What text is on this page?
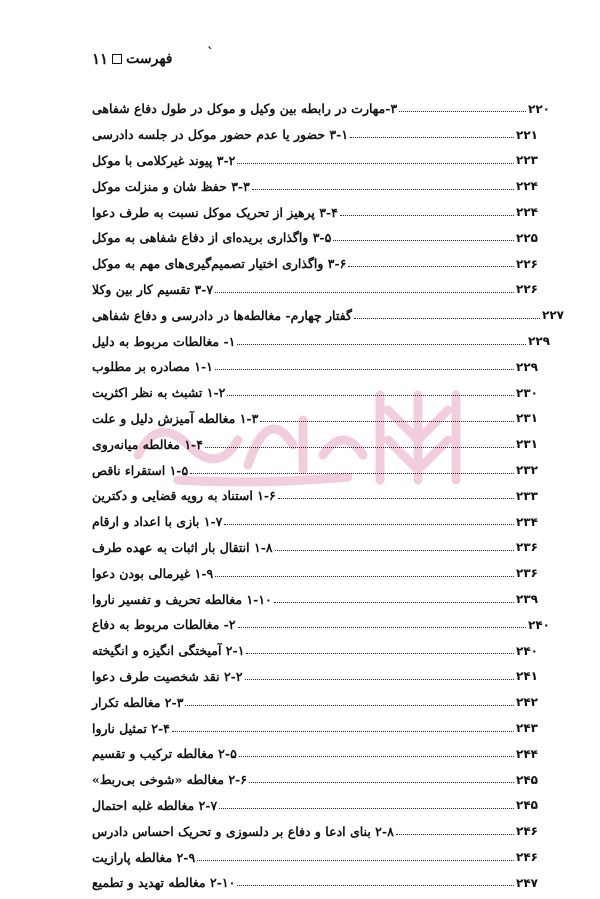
۱۱ فهرست	ˋ
۳-مهارت در رابطه بین وکیل و موکل در طول دفاع شفاهی	۲۲۰
۳-۱ حضور یا عدم حضور موکل در جلسه دادرسی	۲۲۱
۳-۲ پیوند غیرکلامی با موکل	۲۲۳
۳-۳ حفظ شان و منزلت موکل	۲۲۴
۳-۴ پرهیز از تحریک موکل نسبت به طرف دعوا	۲۲۴
۳-۵ واگذاری بریده‌ای از دفاع شفاهی به موکل	۲۲۵
۳-۶ واگذاری اختیار تصمیم‌گیری‌های مهم به موکل	۲۲۶
۳-۷ تقسیم کار بین وکلا	۲۲۶
گفتار چهارم- مغالطه‌ها در دادرسی و دفاع شفاهی	۲۲۷
۱- مغالطات مربوط به دلیل	۲۲۹
۱-۱ مصادره بر مطلوب	۲۲۹
۱-۲ تشبث به نظر اکثریت	۲۳۰
۱-۳ مغالطه آمیزش دلیل و علت	۲۳۱
۱-۴ مغالطه میانه‌روی	۲۳۱
۱-۵ استقراء ناقص	۲۳۲
۱-۶ استناد به رویه قضایی و دکترین	۲۳۳
۱-۷ بازی با اعداد و ارقام	۲۳۴
۱-۸ انتقال بار اثبات به عهده طرف	۲۳۶
۱-۹ غیرمالی بودن دعوا	۲۳۶
۱-۱۰ مغالطه تحریف و تفسیر ناروا	۲۳۹
۲- مغالطات مربوط به دفاع	۲۴۰
۲-۱ آمیختگی انگیزه و انگیخته	۲۴۰
۲-۲ نقد شخصیت طرف دعوا	۲۴۱
۲-۳ مغالطه تکرار	۲۴۲
۲-۴ تمثیل ناروا	۲۴۳
۲-۵ مغالطه ترکیب و تقسیم	۲۴۴
۲-۶ مغالطه «شوخی بی‌ربط»	۲۴۵
۲-۷ مغالطه غلبه احتمال	۲۴۵
۲-۸ بنای ادعا و دفاع بر دلسوزی و تحریک احساس دادرس	۲۴۶
۲-۹ مغالطه پارازیت	۲۴۶
۲-۱۰ مغالطه تهدید و تطمیع	۲۴۷
